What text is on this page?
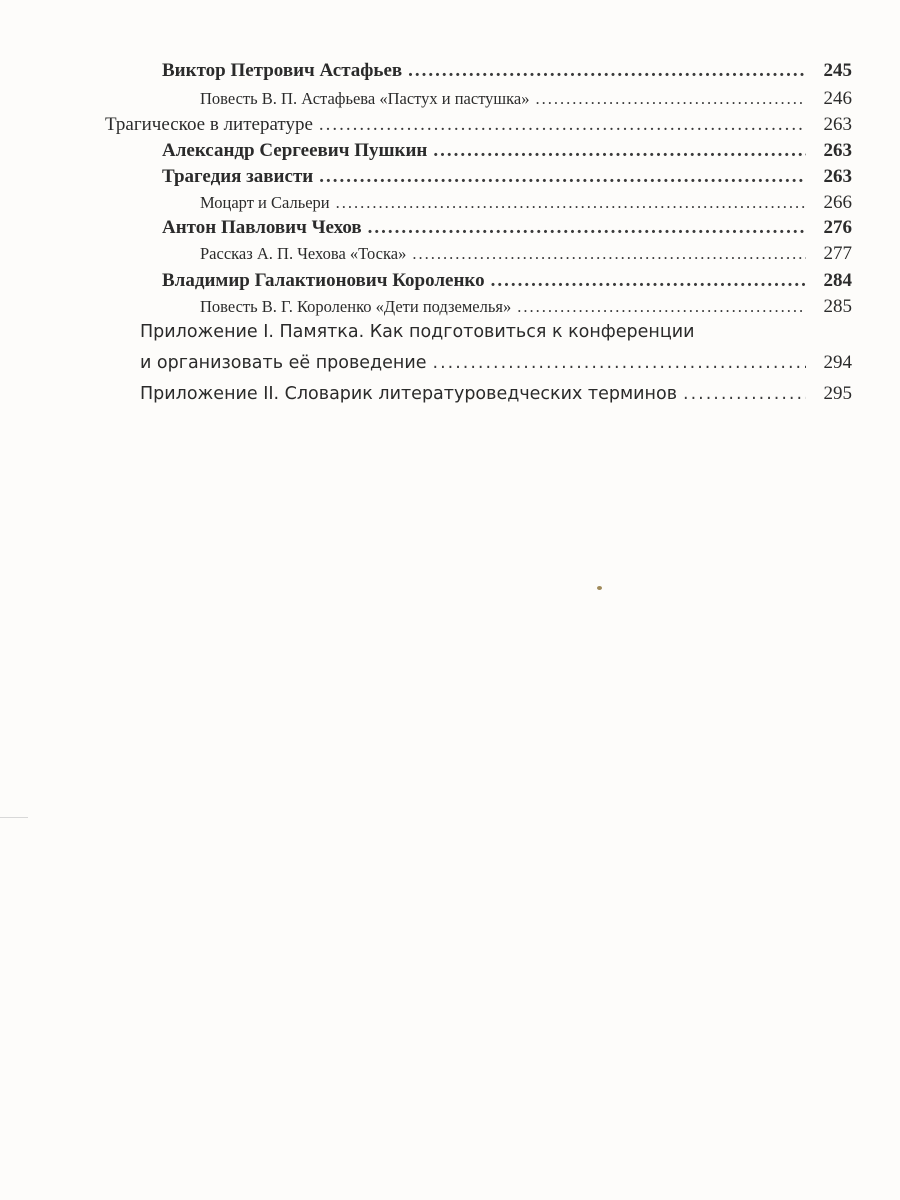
Виктор Петрович Астафьев .....	245
Повесть В. П. Астафьева «Пастух и пастушка» .....	246
Трагическое в литературе .....	263
Александр Сергеевич Пушкин .....	263
Трагедия зависти .....	263
Моцарт и Сальери .....	266
Антон Павлович Чехов .....	276
Рассказ А. П. Чехова «Тоска» .....	277
Владимир Галактионович Короленко .....	284
Повесть В. Г. Короленко «Дети подземелья» .....	285
Приложение I. Памятка. Как подготовиться к конференции
и организовать её проведение .....	294
Приложение II. Словарик литературоведческих терминов .....	295
